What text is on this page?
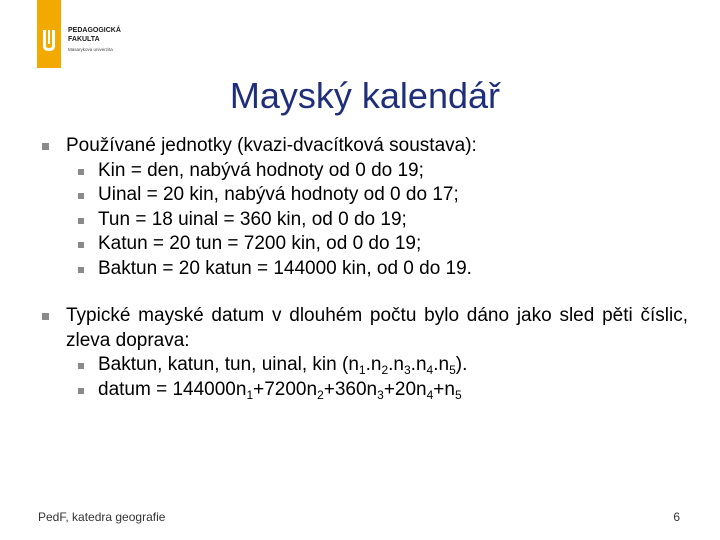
PEDAGOGICKÁ
FAKULTA
Masarykova univerzita
Mayský kalendář
Používané jednotky (kvazi-dvacítková soustava):
Kin = den, nabývá hodnoty od 0 do 19;
Uinal = 20 kin, nabývá hodnoty od 0 do 17;
Tun = 18 uinal = 360 kin, od 0 do 19;
Katun = 20 tun = 7200 kin, od 0 do 19;
Baktun = 20 katun = 144000 kin, od 0 do 19.
Typické mayské datum v dlouhém počtu bylo dáno jako sled pěti číslic, zleva doprava:
Baktun, katun, tun, uinal, kin $(n_1.n_2.n_3.n_4.n_5)$.
datum = $144000n_1+7200n_2+360n_3+20n_4+n_5$
PedF, katedra geografie	6
